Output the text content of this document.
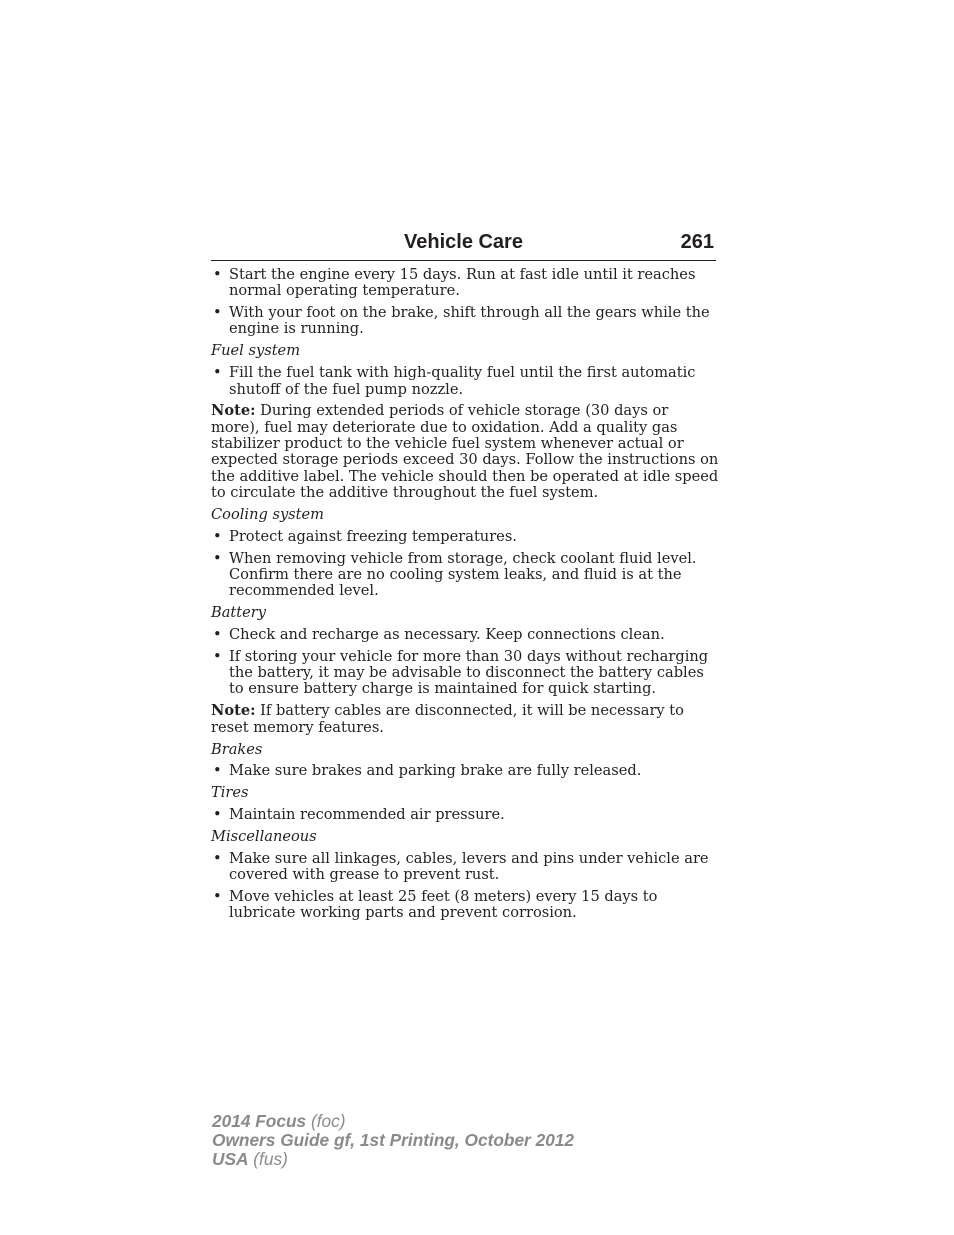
Vehicle Care	261
• Start the engine every 15 days. Run at fast idle until it reaches normal operating temperature.
• With your foot on the brake, shift through all the gears while the engine is running.
Fuel system
• Fill the fuel tank with high-quality fuel until the first automatic shutoff of the fuel pump nozzle.
Note: During extended periods of vehicle storage (30 days or more), fuel may deteriorate due to oxidation. Add a quality gas stabilizer product to the vehicle fuel system whenever actual or expected storage periods exceed 30 days. Follow the instructions on the additive label. The vehicle should then be operated at idle speed to circulate the additive throughout the fuel system.
Cooling system
• Protect against freezing temperatures.
• When removing vehicle from storage, check coolant fluid level. Confirm there are no cooling system leaks, and fluid is at the recommended level.
Battery
• Check and recharge as necessary. Keep connections clean.
• If storing your vehicle for more than 30 days without recharging the battery, it may be advisable to disconnect the battery cables to ensure battery charge is maintained for quick starting.
Note: If battery cables are disconnected, it will be necessary to reset memory features.
Brakes
• Make sure brakes and parking brake are fully released.
Tires
• Maintain recommended air pressure.
Miscellaneous
• Make sure all linkages, cables, levers and pins under vehicle are covered with grease to prevent rust.
• Move vehicles at least 25 feet (8 meters) every 15 days to lubricate working parts and prevent corrosion.
2014 Focus (foc)
Owners Guide gf, 1st Printing, October 2012
USA (fus)
